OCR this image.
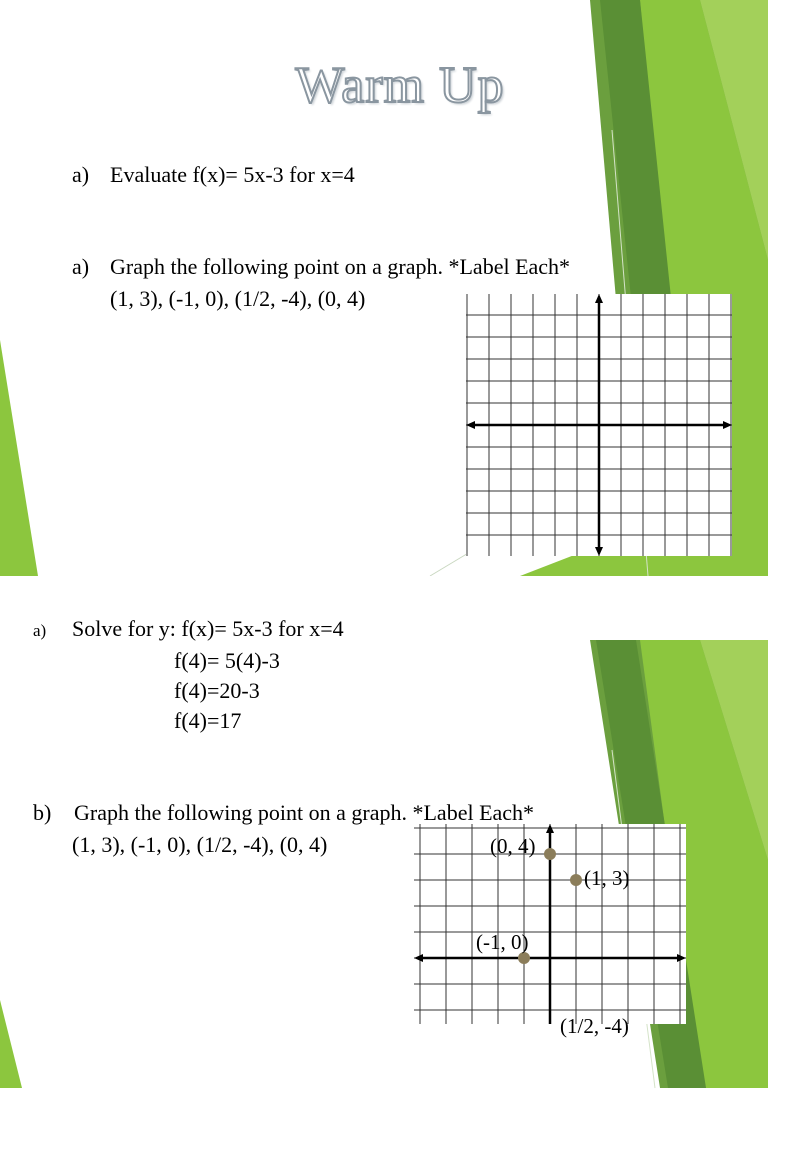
Warm Up
a) Evaluate f(x)= 5x-3 for x=4
a) Graph the following point on a graph. *Label Each*
(1, 3), (-1, 0), (1/2, -4), (0, 4)
a) Solve for y: f(x)= 5x-3 for x=4
f(4)= 5(4)-3
f(4)=20-3
f(4)=17
b) Graph the following point on a graph. *Label Each*
(1, 3), (-1, 0), (1/2, -4), (0, 4)	(0, 4)
(1, 3)
(-1, 0)
(1/2, -4)
